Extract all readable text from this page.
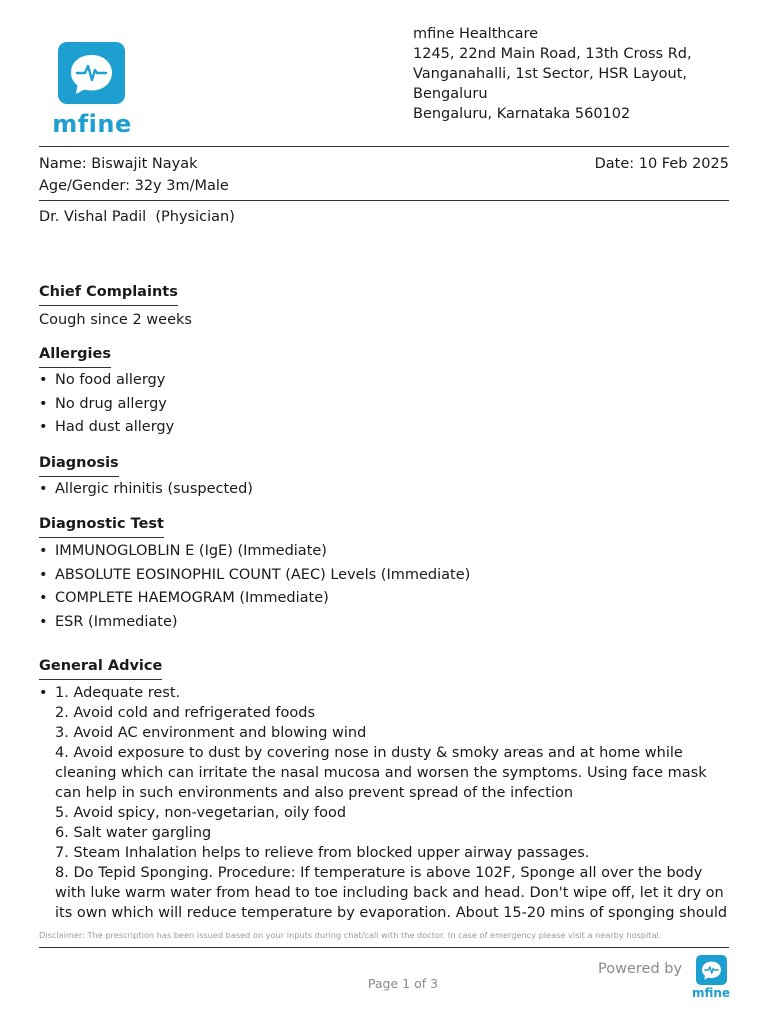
mfine
mfine Healthcare
1245, 22nd Main Road, 13th Cross Rd,
Vanganahalli, 1st Sector, HSR Layout,
Bengaluru
Bengaluru, Karnataka 560102
Name: Biswajit Nayak
Age/Gender: 32y 3m/Male
Date: 10 Feb 2025
Dr. Vishal Padil  (Physician)
Chief Complaints
Cough since 2 weeks
Allergies
• No food allergy
• No drug allergy
• Had dust allergy
Diagnosis
• Allergic rhinitis (suspected)
Diagnostic Test
• IMMUNOGLOBLIN E (IgE) (Immediate)
• ABSOLUTE EOSINOPHIL COUNT (AEC) Levels (Immediate)
• COMPLETE HAEMOGRAM (Immediate)
• ESR (Immediate)
General Advice
• 1. Adequate rest.
2. Avoid cold and refrigerated foods
3. Avoid AC environment and blowing wind
4. Avoid exposure to dust by covering nose in dusty & smoky areas and at home while
cleaning which can irritate the nasal mucosa and worsen the symptoms. Using face mask
can help in such environments and also prevent spread of the infection
5. Avoid spicy, non-vegetarian, oily food
6. Salt water gargling
7. Steam Inhalation helps to relieve from blocked upper airway passages.
8. Do Tepid Sponging. Procedure: If temperature is above 102F, Sponge all over the body
with luke warm water from head to toe including back and head. Don't wipe off, let it dry on
its own which will reduce temperature by evaporation. About 15-20 mins of sponging should
Disclaimer: The prescription has been issued based on your inputs during chat/call with the doctor. In case of emergency please visit a nearby hospital.
Powered by
mfine
Page 1 of 3
